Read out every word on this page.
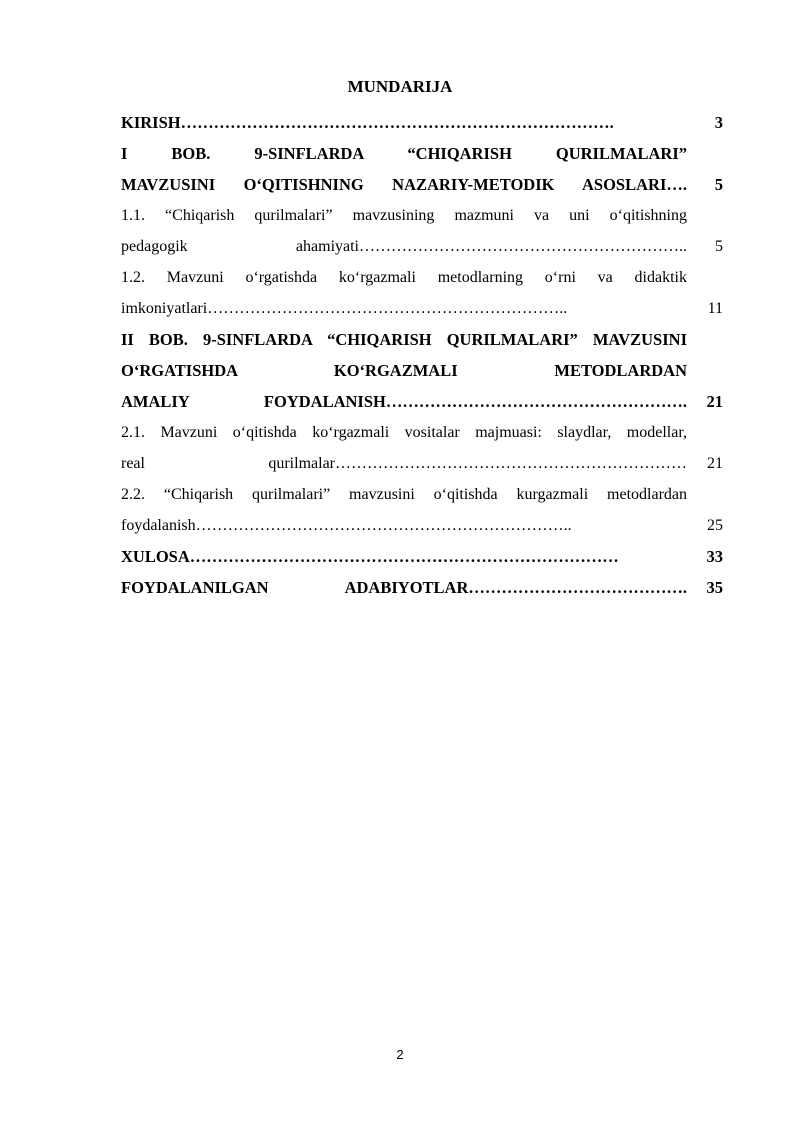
MUNDARIJA
KIRISH…………………………………………………………………….	3
I BOB. 9-SINFLARDA “CHIQARISH QURILMALARI”
MAVZUSINI O‘QITISHNING NAZARIY-METODIK ASOSLARI….	5
1.1. “Chiqarish qurilmalari” mavzusining mazmuni va uni o‘qitishning
pedagogik ahamiyati……………………………………………………..	5
1.2. Mavzuni o‘rgatishda ko‘rgazmali metodlarning o‘rni va didaktik
imkoniyatlari…………………………………………………………..	11
II BOB. 9-SINFLARDA “CHIQARISH QURILMALARI” MAVZUSINI O‘RGATISHDA KO‘RGAZMALI METODLARDAN
AMALIY FOYDALANISH……………………………………………….	21
2.1. Mavzuni o‘qitishda ko‘rgazmali vositalar majmuasi: slaydlar, modellar,
real qurilmalar…………………………………………………………	21
2.2. “Chiqarish qurilmalari” mavzusini o‘qitishda kurgazmali metodlardan
foydalanish……………………………………………………………..	25
XULOSA……………………………………………………………………	33
FOYDALANILGAN ADABIYOTLAR………………………………….	35
2
